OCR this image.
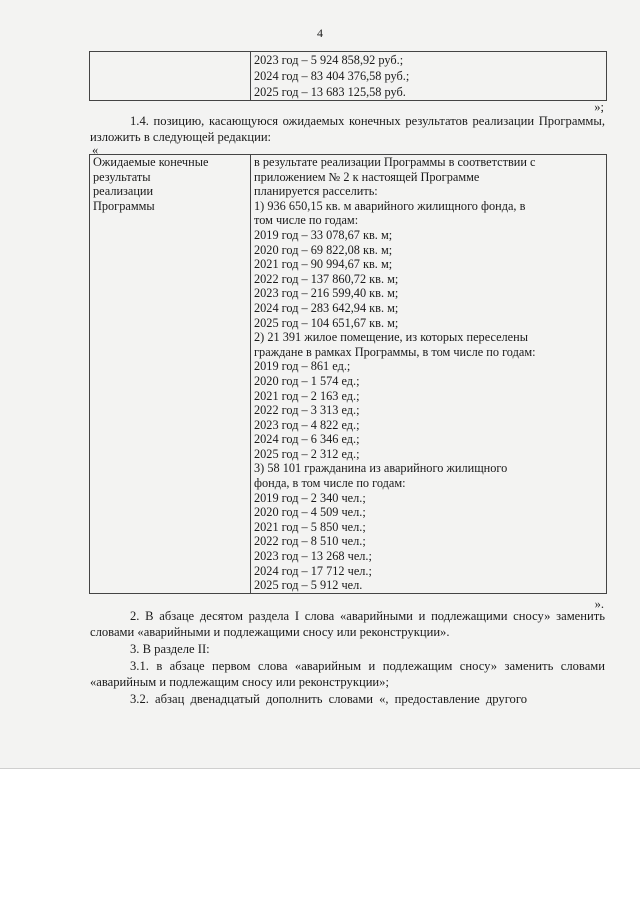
4

2023 год – 5 924 858,92 руб.;
2024 год – 83 404 376,58 руб.;
2025 год – 13 683 125,58 руб.
»;
1.4. позицию, касающуюся ожидаемых конечных результатов реализации Программы, изложить в следующей редакции:
«
Ожидаемые конечные
результаты
реализации
Программы

в результате реализации Программы в соответствии с
приложением № 2 к настоящей Программе
планируется расселить:
1) 936 650,15 кв. м аварийного жилищного фонда, в
том числе по годам:
2019 год – 33 078,67 кв. м;
2020 год – 69 822,08 кв. м;
2021 год – 90 994,67 кв. м;
2022 год – 137 860,72 кв. м;
2023 год – 216 599,40 кв. м;
2024 год – 283 642,94 кв. м;
2025 год – 104 651,67 кв. м;
2) 21 391 жилое помещение, из которых переселены
граждане в рамках Программы, в том числе по годам:
2019 год – 861 ед.;
2020 год – 1 574 ед.;
2021 год – 2 163 ед.;
2022 год – 3 313 ед.;
2023 год – 4 822 ед.;
2024 год – 6 346 ед.;
2025 год – 2 312 ед.;
3) 58 101 гражданина из аварийного жилищного
фонда, в том числе по годам:
2019 год – 2 340 чел.;
2020 год – 4 509 чел.;
2021 год – 5 850 чел.;
2022 год – 8 510 чел.;
2023 год – 13 268 чел.;
2024 год – 17 712 чел.;
2025 год – 5 912 чел.
».
2. В абзаце десятом раздела I слова «аварийными и подлежащими сносу» заменить словами «аварийными и подлежащими сносу или реконструкции».
3. В разделе II:
3.1. в абзаце первом слова «аварийным и подлежащим сносу» заменить словами «аварийным и подлежащим сносу или реконструкции»;
3.2. абзац двенадцатый дополнить словами «, предоставление другого
